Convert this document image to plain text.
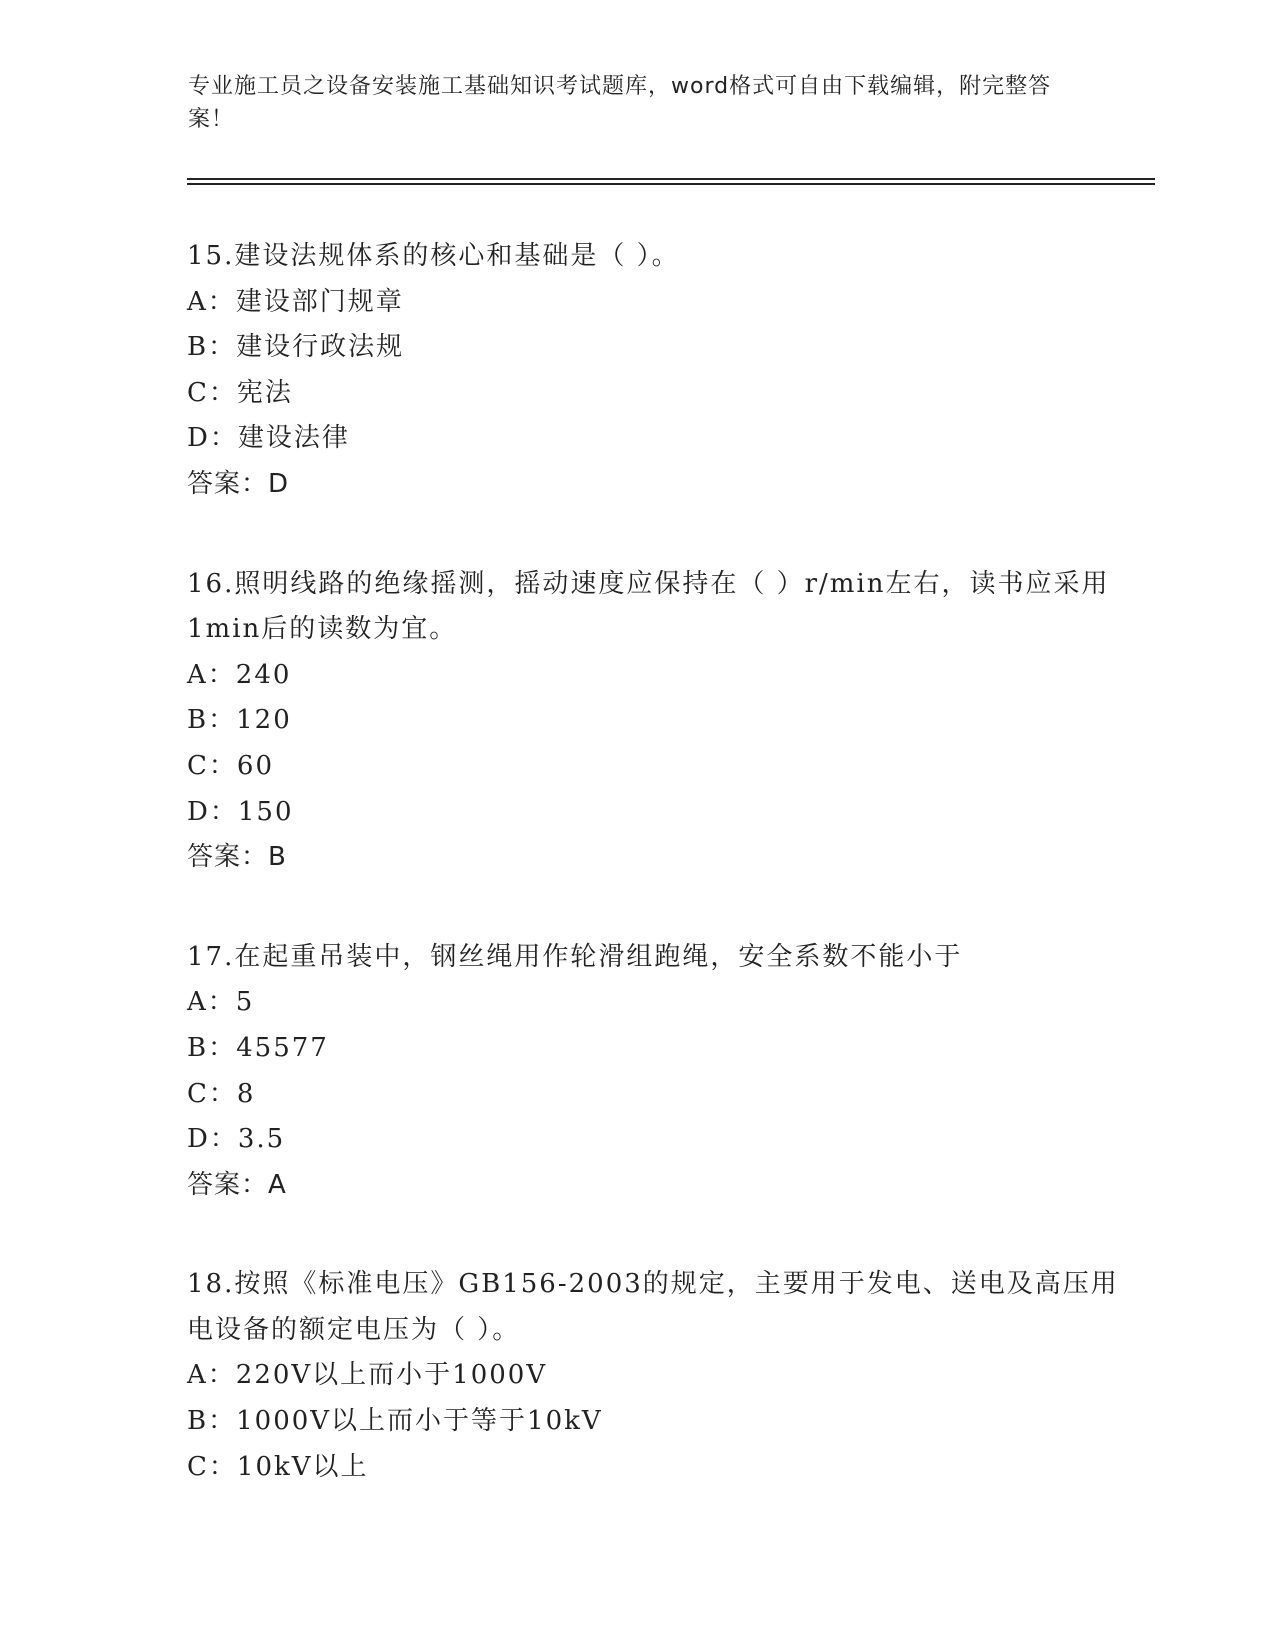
专业施工员之设备安装施工基础知识考试题库，word格式可自由下载编辑，附完整答案！
15.建设法规体系的核心和基础是（ ）。
A：建设部门规章
B：建设行政法规
C：宪法
D：建设法律
答案：D
16.照明线路的绝缘摇测，摇动速度应保持在（ ）r/min左右，读书应采用1min后的读数为宜。
A：240
B：120
C：60
D：150
答案：B
17.在起重吊装中，钢丝绳用作轮滑组跑绳，安全系数不能小于
A：5
B：45577
C：8
D：3.5
答案：A
18.按照《标准电压》GB156-2003的规定，主要用于发电、送电及高压用电设备的额定电压为（ ）。
A：220V以上而小于1000V
B：1000V以上而小于等于10kV
C：10kV以上
